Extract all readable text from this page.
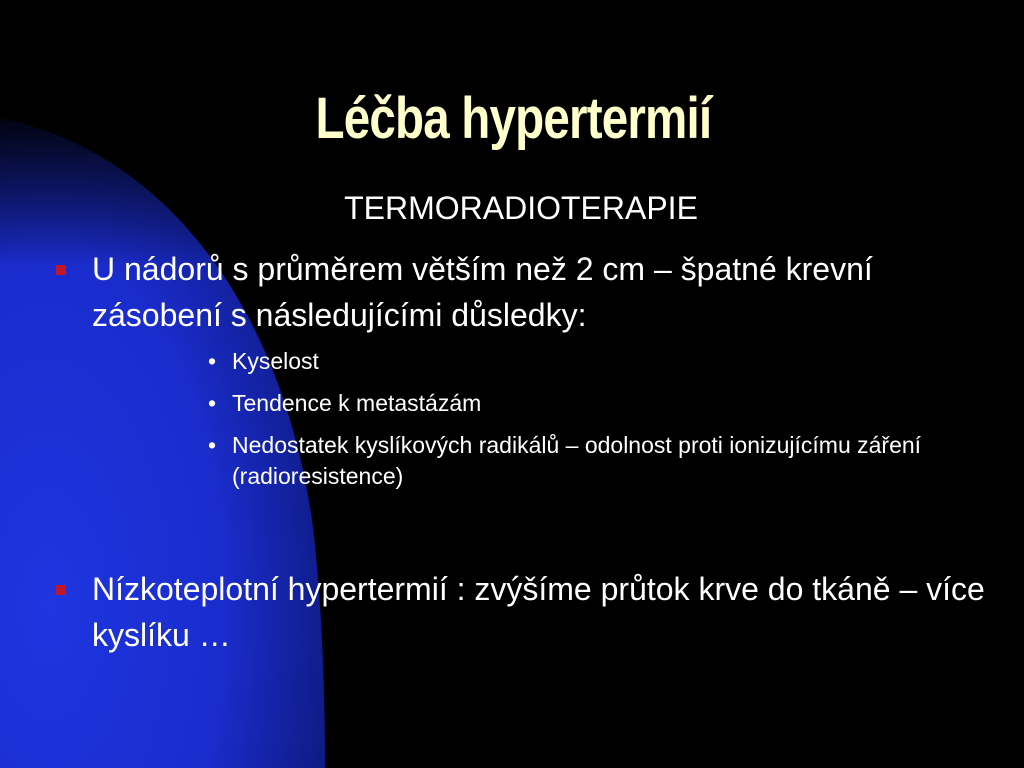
Léčba hypertermií

TERMORADIOTERAPIE

U nádorů s průměrem větším než 2 cm – špatné krevní zásobení s následujícími důsledky:
• Kyselost
• Tendence k metastázám
• Nedostatek kyslíkových radikálů – odolnost proti ionizujícímu záření (radioresistence)
Nízkoteplotní hypertermií : zvýšíme průtok krve do tkáně – více kyslíku …
